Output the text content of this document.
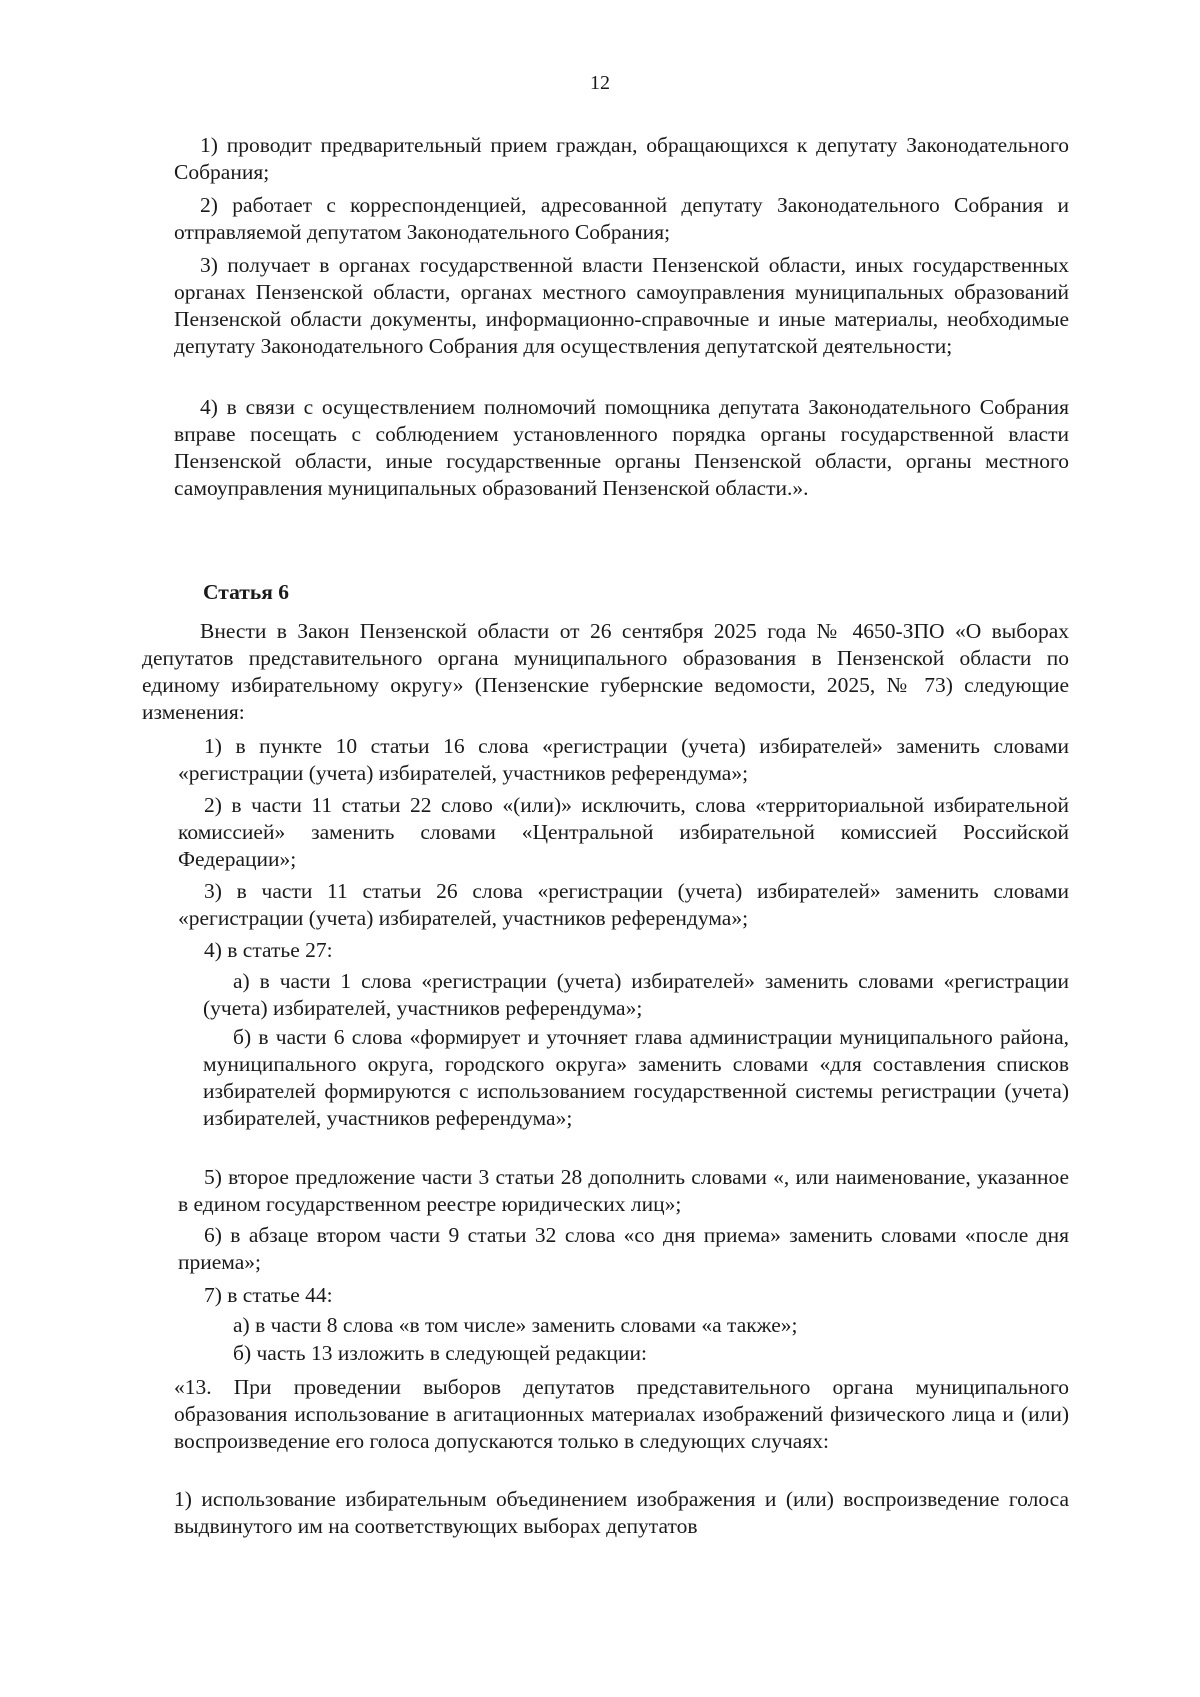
12

1) проводит предварительный прием граждан, обращающихся к депутату Законодательного Собрания;

2) работает с корреспонденцией, адресованной депутату Законодательного Собрания и отправляемой депутатом Законодательного Собрания;

3) получает в органах государственной власти Пензенской области, иных государственных органах Пензенской области, органах местного самоуправления муниципальных образований Пензенской области документы, информационно-справочные и иные материалы, необходимые депутату Законодательного Собрания для осуществления депутатской деятельности;

4) в связи с осуществлением полномочий помощника депутата Законодательного Собрания вправе посещать с соблюдением установленного порядка органы государственной власти Пензенской области, иные государственные органы Пензенской области, органы местного самоуправления муниципальных образований Пензенской области.».

Статья 6

Внести в Закон Пензенской области от 26 сентября 2025 года № 4650-ЗПО «О выборах депутатов представительного органа муниципального образования в Пензенской области по единому избирательному округу» (Пензенские губернские ведомости, 2025, № 73) следующие изменения:

1) в пункте 10 статьи 16 слова «регистрации (учета) избирателей» заменить словами «регистрации (учета) избирателей, участников референдума»;

2) в части 11 статьи 22 слово «(или)» исключить, слова «территориальной избирательной комиссией» заменить словами «Центральной избирательной комиссией Российской Федерации»;

3) в части 11 статьи 26 слова «регистрации (учета) избирателей» заменить словами «регистрации (учета) избирателей, участников референдума»;

4) в статье 27:

а) в части 1 слова «регистрации (учета) избирателей» заменить словами «регистрации (учета) избирателей, участников референдума»;

б) в части 6 слова «формирует и уточняет глава администрации муниципального района, муниципального округа, городского округа» заменить словами «для составления списков избирателей формируются с использованием государственной системы регистрации (учета) избирателей, участников референдума»;

5) второе предложение части 3 статьи 28 дополнить словами «, или наименование, указанное в едином государственном реестре юридических лиц»;

6) в абзаце втором части 9 статьи 32 слова «со дня приема» заменить словами «после дня приема»;

7) в статье 44:

а) в части 8 слова «в том числе» заменить словами «а также»;

б) часть 13 изложить в следующей редакции:

«13. При проведении выборов депутатов представительного органа муниципального образования использование в агитационных материалах изображений физического лица и (или) воспроизведение его голоса допускаются только в следующих случаях:

1) использование избирательным объединением изображения и (или) воспроизведение голоса выдвинутого им на соответствующих выборах депутатов
